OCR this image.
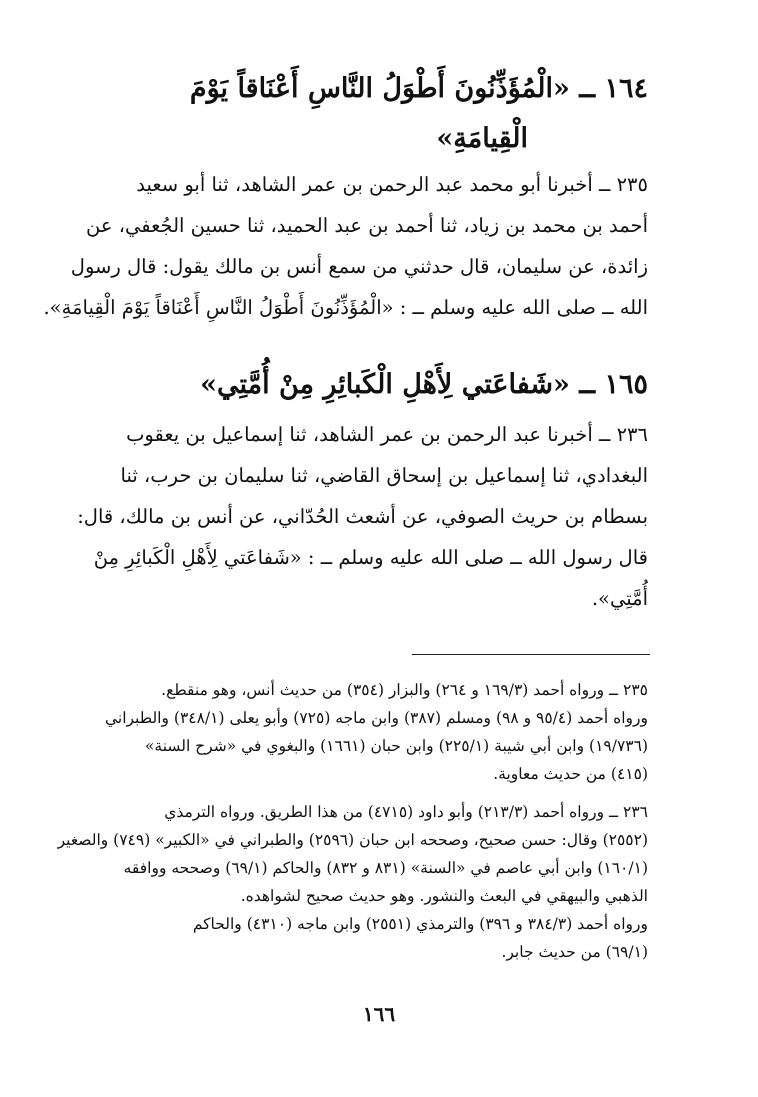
١٦٤ ــ «الْمُؤَذِّنُونَ أَطْوَلُ النَّاسِ أَعْنَاقاً يَوْمَ
الْقِيامَةِ»
٢٣٥ ــ أخبرنا أبو محمد عبد الرحمن بن عمر الشاهد، ثنا أبو سعيد
أحمد بن محمد بن زياد، ثنا أحمد بن عبد الحميد، ثنا حسين الجُعفي، عن
زائدة، عن سليمان، قال حدثني من سمع أنس بن مالك يقول: قال رسول
الله ــ صلى الله عليه وسلم ــ : «الْمُؤَذِّنُونَ أَطْوَلُ النَّاسِ أَعْنَاقاً يَوْمَ الْقِيامَةِ».
١٦٥ ــ «شَفاعَتي لِأَهْلِ الْكَبائِرِ مِنْ أُمَّتِي»
٢٣٦ ــ أخبرنا عبد الرحمن بن عمر الشاهد، ثنا إسماعيل بن يعقوب
البغدادي، ثنا إسماعيل بن إسحاق القاضي، ثنا سليمان بن حرب، ثنا
بسطام بن حريث الصوفي، عن أشعث الحُدّاني، عن أنس بن مالك، قال:
قال رسول الله ــ صلى الله عليه وسلم ــ : «شَفاعَتي لِأَهْلِ الْكَبائِرِ مِنْ
أُمَّتِي».
٢٣٥ ــ ورواه أحمد (١٦٩/٣ و ٢٦٤) والبزار (٣٥٤) من حديث أنس، وهو منقطع.
ورواه أحمد (٩٥/٤ و ٩٨) ومسلم (٣٨٧) وابن ماجه (٧٢٥) وأبو يعلى (٣٤٨/١) والطبراني
(١٩/٧٣٦) وابن أبي شيبة (٢٢٥/١) وابن حبان (١٦٦١) والبغوي في «شرح السنة»
(٤١٥) من حديث معاوية.
٢٣٦ ــ ورواه أحمد (٢١٣/٣) وأبو داود (٤٧١٥) من هذا الطريق. ورواه الترمذي
(٢٥٥٢) وقال: حسن صحيح، وصححه ابن حبان (٢٥٩٦) والطبراني في «الكبير» (٧٤٩) والصغير
(١٦٠/١) وابن أبي عاصم في «السنة» (٨٣١ و ٨٣٢) والحاكم (٦٩/١) وصححه ووافقه
الذهبي والبيهقي في البعث والنشور. وهو حديث صحيح لشواهده.
ورواه أحمد (٣٨٤/٣ و ٣٩٦) والترمذي (٢٥٥١) وابن ماجه (٤٣١٠) والحاكم
(٦٩/١) من حديث جابر.
١٦٦
